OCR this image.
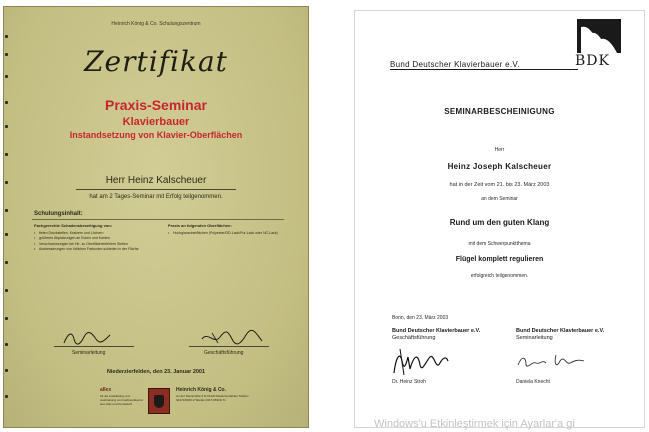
Heinrich König & Co. Schulungszentrum
Zertifikat
Praxis-Seminar
Klavierbauer
Instandsetzung von Klavier-Oberflächen
Herr Heinz Kalscheuer
hat am 2 Tages-Seminar mit Erfolg teilgenommen.
Schulungsinhalt:
Fachgerechte Schadensbeseitigung von:
• tiefen Druckstellen, Kratzern und Löchern
• größeren Abplatzungen an Ecken und Kanten
• Verschrammungen bei Hir- zu Oberflächenfehlern Stellen
• Ausbesserungen von örtlichen Farbunter-schieden in der Fläche
Praxis an folgenden Oberflächen:
• Hochglanzoberflächen (Polyester/DD-Lack/Pur-Lack oder NC-Lack)
Seminarleitung	Geschäftsführung
Niederzierfelden, den 23. Januar 2001
allex
für die Ausbildung und Ausbreitung von Fachwerkkunst aus Holz und Kunststoff
Heinrich König & Co.
An der Steinmühle 6 D-51120 Niederzierfelden Telefon 04171/8330-0 Telefax 04171/8330-71
Bund Deutscher Klavierbauer e.V.	BDK
SEMINARBESCHEINIGUNG
Herr
Heinz Joseph Kalscheuer
hat in der Zeit vom 21. bis 23. März 2003
an dem Seminar
Rund um den guten Klang
mit dem Schwerpunktthema
Flügel komplett regulieren
erfolgreich teilgenommen.
Bonn, den 23. März 2003
Bund Deutscher Klavierbauer e.V.
Geschäftsführung
Bund Deutscher Klavierbauer e.V.
Seminarleitung
Dr. Heinz Stroh	Daniela Knecht
Windows'u Etkinleştirmek için Ayarlar'a gi
